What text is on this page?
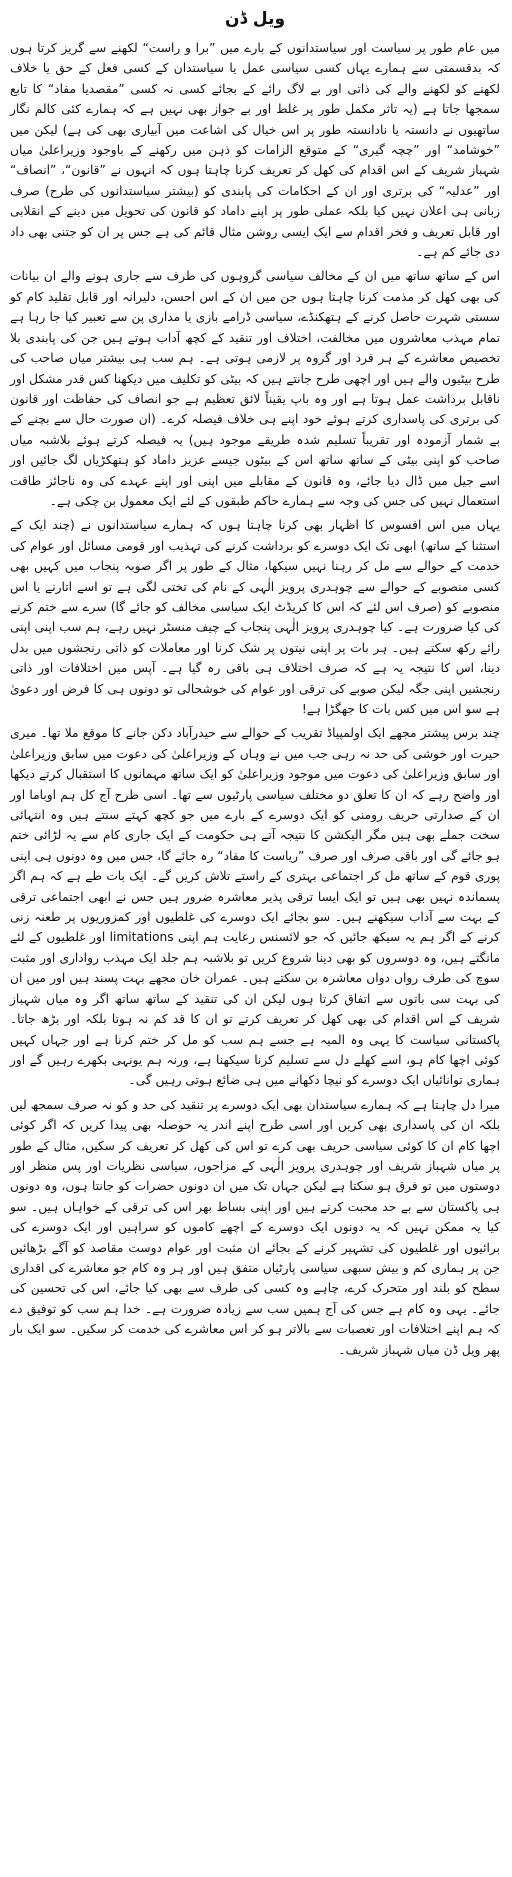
ویل ڈن

میں عام طور پر سیاست اور سیاستدانوں کے بارے میں ”برا و راست“ لکھنے سے گریز کرتا ہوں کہ بدقسمتی سے ہمارے یہاں کسی سیاسی عمل یا سیاستدان کے کسی فعل کے حق یا خلاف لکھنے کو لکھنے والے کی ذاتی اور بے لاگ رائے کے بجائے کسی نہ کسی ”مقصدیا مفاد“ کا تابع سمجھا جاتا ہے (یہ تاثر مکمل طور پر غلط اور بے جواز بھی نہیں ہے کہ ہمارے کئی کالم نگار ساتھیوں نے دانستہ یا نادانستہ طور پر اس خیال کی اشاعت میں آبیاری بھی کی ہے) لیکن میں ”خوشامد“ اور ”چچہ گیری“ کے متوقع الزامات کو ذہن میں رکھنے کے باوجود وزیراعلیٰ میاں شہباز شریف کے اس اقدام کی کھل کر تعریف کرنا چاہتا ہوں کہ انہوں نے ”قانون“، ”انصاف“ اور ”عدلیہ“ کی برتری اور ان کے احکامات کی پابندی کو (بیشتر سیاستدانوں کی طرح) صرف زبانی ہی اعلان نہیں کیا بلکہ عملی طور پر اپنے داماد کو قانون کی تحویل میں دینے کے انقلابی اور قابل تعریف و فخر اقدام سے ایک ایسی روشن مثال قائم کی ہے جس پر ان کو جتنی بھی داد دی جائے کم ہے۔

اس کے ساتھ ساتھ میں ان کے مخالف سیاسی گروہوں کی طرف سے جاری ہونے والے ان بیانات کی بھی کھل کر مذمت کرنا چاہتا ہوں جن میں ان کے اس احسن، دلیرانہ اور قابل تقلید کام کو سستی شہرت حاصل کرنے کے ہتھکنڈے، سیاسی ڈرامے بازی یا مداری پن سے تعبیر کیا جا رہا ہے تمام مہذب معاشروں میں مخالفت، اختلاف اور تنقید کے کچھ آداب ہوتے ہیں جن کی پابندی بلا تخصیص معاشرے کے ہر فرد اور گروہ پر لازمی ہوتی ہے۔ ہم سب ہی بیشتر میاں صاحب کی طرح بیٹیوں والے ہیں اور اچھی طرح جانتے ہیں کہ بیٹی کو تکلیف میں دیکھنا کس قدر مشکل اور ناقابل برداشت عمل ہوتا ہے اور وہ باپ یقیناً لائق تعظیم ہے جو انصاف کی حفاظت اور قانون کی برتری کی پاسداری کرتے ہوئے خود اپنے ہی خلاف فیصلہ کرے۔ (ان صورت حال سے بچنے کے بے شمار آزمودہ اور تقریباً تسلیم شدہ طریقے موجود ہیں) یہ فیصلہ کرتے ہوئے بلاشبہ میاں صاحب کو اپنی بیٹی کے ساتھ ساتھ اس کے بیٹوں جیسے عزیز داماد کو ہتھکڑیاں لگ جائیں اور اسے جیل میں ڈال دیا جائے، وہ قانون کے مقابلے میں اپنی اور اپنے عہدے کی وہ ناجائز طاقت استعمال نہیں کی جس کی وجہ سے ہمارے حاکم طبقوں کے لئے ایک معمول بن چکی ہے۔

یہاں میں اس افسوس کا اظہار بھی کرنا چاہتا ہوں کہ ہمارے سیاستدانوں نے (چند ایک کے استثنا کے ساتھ) ابھی تک ایک دوسرے کو برداشت کرنے کی تہذیب اور قومی مسائل اور عوام کی خدمت کے حوالے سے مل کر رہنا نہیں سیکھا، مثال کے طور پر اگر صوبہ پنجاب میں کہیں بھی کسی منصوبے کے حوالے سے چوہدری پرویز الٰہی کے نام کی تختی لگی ہے تو اسے اتارنے یا اس منصوبے کو (صرف اس لئے کہ اس کا کریڈٹ ایک سیاسی مخالف کو جائے گا) سرے سے ختم کرنے کی کیا ضرورت ہے۔ کیا چوہدری پرویز الٰہی پنجاب کے چیف منسٹر نہیں رہے، ہم سب اپنی اپنی رائے رکھ سکتے ہیں۔ ہر بات پر اپنی نیتوں پر شک کرنا اور معاملات کو ذاتی رنجشوں میں بدل دینا، اس کا نتیجہ یہ ہے کہ صرف اختلاف ہی باقی رہ گیا ہے۔ آپس میں اختلافات اور ذاتی رنجشیں اپنی جگہ لیکن صوبے کی ترقی اور عوام کی خوشحالی تو دونوں ہی کا فرض اور دعویٰ ہے سو اس میں کس بات کا جھگڑا ہے!

چند برس پیشتر مجھے ایک اولمپیاڈ تقریب کے حوالے سے حیدرآباد دکن جانے کا موقع ملا تھا۔ میری حیرت اور خوشی کی حد نہ رہی جب میں نے وہاں کے وزیراعلیٰ کی دعوت میں سابق وزیراعلیٰ اور سابق وزیراعلیٰ کی دعوت میں موجود وزیراعلیٰ کو ایک ساتھ مہمانوں کا استقبال کرتے دیکھا اور واضح رہے کہ ان کا تعلق دو مختلف سیاسی پارٹیوں سے تھا۔ اسی طرح آج کل ہم اوباما اور ان کے صدارتی حریف رومنی کو ایک دوسرے کے بارے میں جو کچھ کہتے سنتے ہیں وہ انتہائی سخت جملے بھی ہیں مگر الیکشن کا نتیجہ آتے ہی حکومت کے ایک جاری کام سے یہ لڑائی ختم ہو جائے گی اور باقی صرف اور صرف ”ریاست کا مفاد“ رہ جائے گا، جس میں وہ دونوں ہی اپنی پوری قوم کے ساتھ مل کر اجتماعی بہتری کے راستے تلاش کریں گے۔ ایک بات طے ہے کہ ہم اگر پسماندہ نہیں بھی ہیں تو ایک ایسا ترقی پذیر معاشرہ ضرور ہیں جس نے ابھی اجتماعی ترقی کے بہت سے آداب سیکھنے ہیں۔ سو بجائے ایک دوسرے کی غلطیوں اور کمزوریوں پر طعنہ زنی کرنے کے اگر ہم یہ سیکھ جائیں کہ جو لائسنس رعایت ہم اپنی limitations اور غلطیوں کے لئے مانگتے ہیں، وہ دوسروں کو بھی دینا شروع کریں تو بلاشبہ ہم جلد ایک مہذب رواداری اور مثبت سوچ کی طرف رواں دواں معاشرہ بن سکتے ہیں۔ عمران خان مجھے بہت پسند ہیں اور میں ان کی بہت سی باتوں سے اتفاق کرتا ہوں لیکن ان کی تنقید کے ساتھ ساتھ اگر وہ میاں شہباز شریف کے اس اقدام کی بھی کھل کر تعریف کرتے تو ان کا قد کم نہ ہوتا بلکہ اور بڑھ جاتا۔ پاکستانی سیاست کا یہی وہ المیہ ہے جسے ہم سب کو مل کر ختم کرنا ہے اور جہاں کہیں کوئی اچھا کام ہو، اسے کھلے دل سے تسلیم کرنا سیکھنا ہے، ورنہ ہم یونہی بکھرے رہیں گے اور ہماری توانائیاں ایک دوسرے کو نیچا دکھانے میں ہی ضائع ہوتی رہیں گی۔

میرا دل چاہتا ہے کہ ہمارے سیاستدان بھی ایک دوسرے پر تنقید کی حد و کو نہ صرف سمجھ لیں بلکہ ان کی پاسداری بھی کریں اور اسی طرح اپنے اندر یہ حوصلہ بھی پیدا کریں کہ اگر کوئی اچھا کام ان کا کوئی سیاسی حریف بھی کرے تو اس کی کھل کر تعریف کر سکیں، مثال کے طور پر میاں شہباز شریف اور چوہدری پرویز الٰہی کے مزاجوں، سیاسی نظریات اور پس منظر اور دوستوں میں تو فرق ہو سکتا ہے لیکن جہاں تک میں ان دونوں حضرات کو جانتا ہوں، وہ دونوں ہی پاکستان سے بے حد محبت کرتے ہیں اور اپنی بساط بھر اس کی ترقی کے خواہاں ہیں۔ سو کیا یہ ممکن نہیں کہ یہ دونوں ایک دوسرے کے اچھے کاموں کو سراہیں اور ایک دوسرے کی برائیوں اور غلطیوں کی تشہیر کرنے کے بجائے ان مثبت اور عوام دوست مقاصد کو آگے بڑھائیں جن پر ہماری کم و بیش سبھی سیاسی پارٹیاں متفق ہیں اور ہر وہ کام جو معاشرے کی اقداری سطح کو بلند اور متحرک کرے، چاہے وہ کسی کی طرف سے بھی کیا جائے، اس کی تحسین کی جائے۔ یہی وہ کام ہے جس کی آج ہمیں سب سے زیادہ ضرورت ہے۔ خدا ہم سب کو توفیق دے کہ ہم اپنے اختلافات اور تعصبات سے بالاتر ہو کر اس معاشرے کی خدمت کر سکیں۔ سو ایک بار پھر ویل ڈن میاں شہباز شریف۔
